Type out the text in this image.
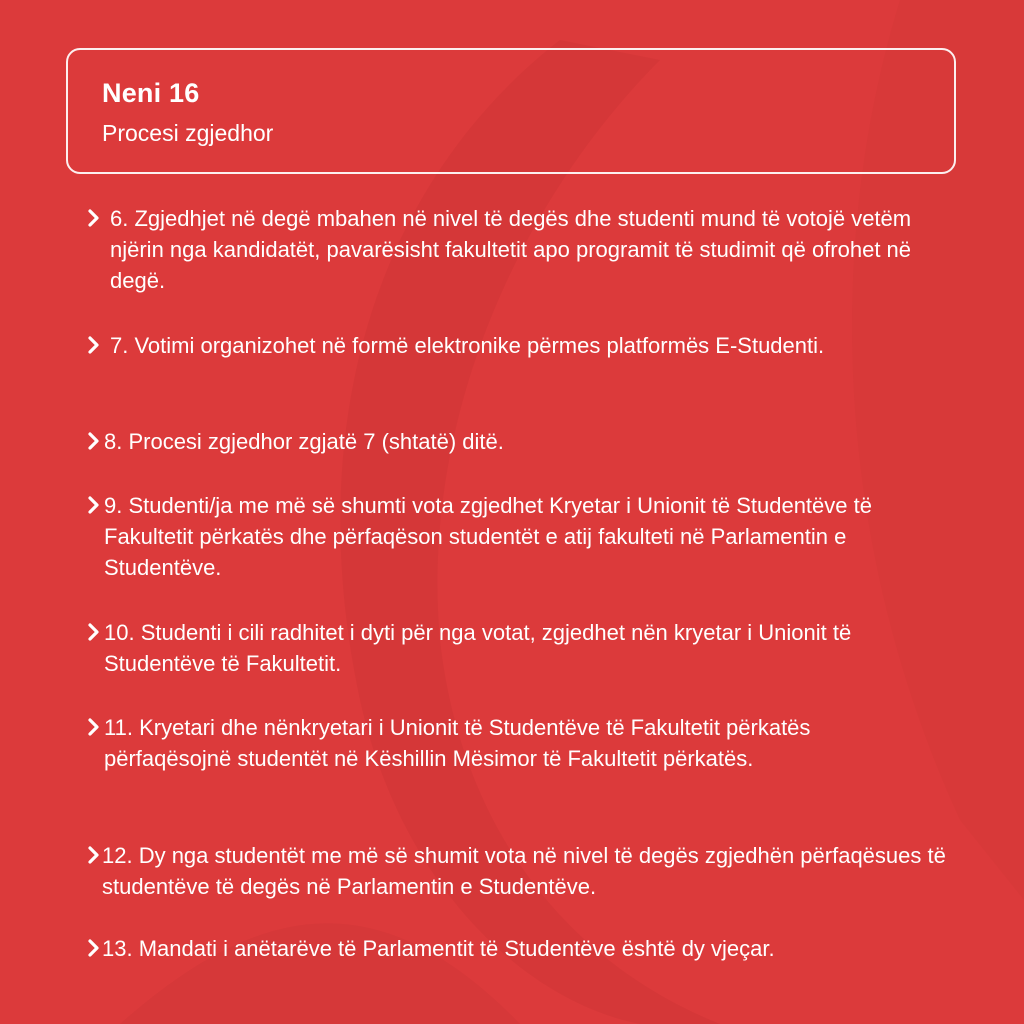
Neni 16
Procesi zgjedhor

6. Zgjedhjet në degë mbahen në nivel të degës dhe studenti mund të votojë vetëm njërin nga kandidatët, pavarësisht fakultetit apo programit të studimit që ofrohet në degë.

7. Votimi organizohet në formë elektronike përmes platformës E-Studenti.

8. Procesi zgjedhor zgjatë 7 (shtatë) ditë.

9. Studenti/ja me më së shumti vota zgjedhet Kryetar i Unionit të Studentëve të Fakultetit përkatës dhe përfaqëson studentët e atij fakulteti në Parlamentin e Studentëve.

10. Studenti i cili radhitet i dyti për nga votat, zgjedhet nën kryetar i Unionit të Studentëve të Fakultetit.

11. Kryetari dhe nënkryetari i Unionit të Studentëve të Fakultetit përkatës përfaqësojnë studentët në Këshillin Mësimor të Fakultetit përkatës.

12. Dy nga studentët me më së shumit vota në nivel të degës zgjedhën përfaqësues të studentëve të degës në Parlamentin e Studentëve.

13. Mandati i anëtarëve të Parlamentit të Studentëve është dy vjeçar.
